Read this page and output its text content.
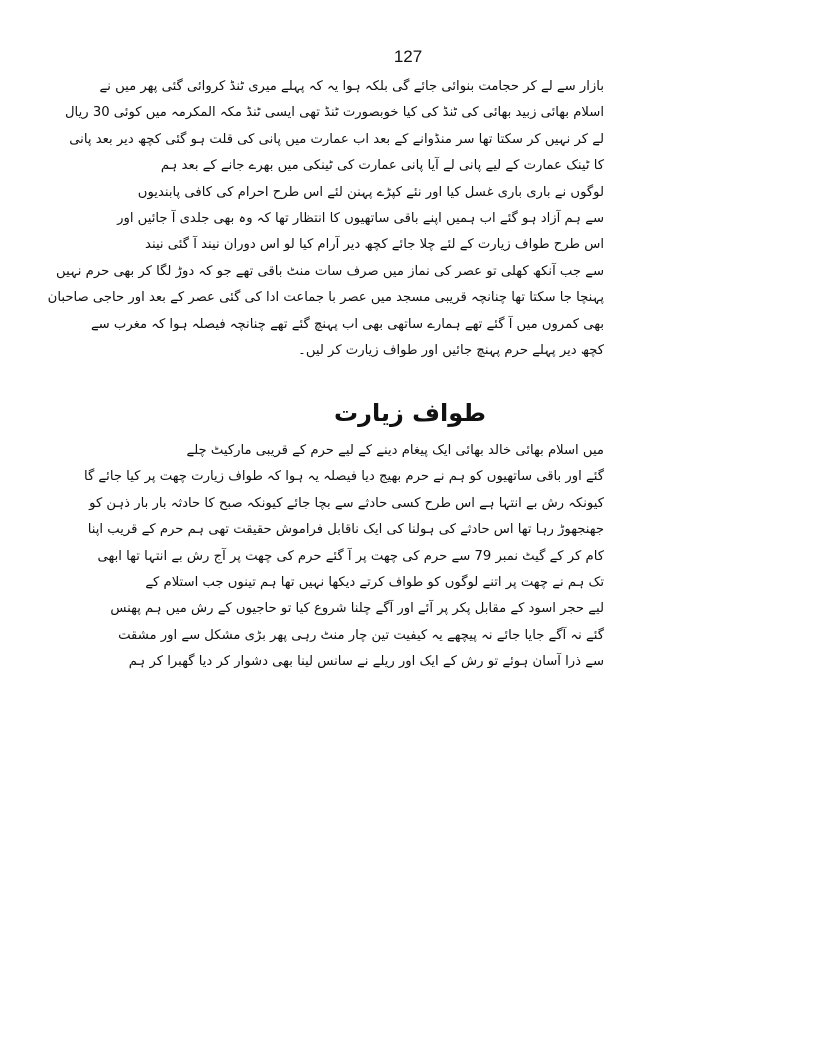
127
بازار سے لے کر حجامت بنوائی جائے گی بلکہ ہوا یہ کہ پہلے میری ٹنڈ کروائی گئی پھر میں نے
اسلام بھائی زبید بھائی کی ٹنڈ کی کیا خوبصورت ٹنڈ تھی ایسی ٹنڈ مکہ المکرمہ میں کوئی 30 ریال
لے کر نہیں کر سکتا تھا سر منڈوانے کے بعد اب عمارت میں پانی کی قلت ہو گئی کچھ دیر بعد پانی
کا ٹینک عمارت کے لیے پانی لے آیا پانی عمارت کی ٹینکی میں بھرے جانے کے بعد ہم
لوگوں نے باری باری غسل کیا اور نئے کپڑے پہنن لئے اس طرح احرام کی کافی پابندیوں
سے ہم آزاد ہو گئے اب ہمیں اپنے باقی ساتھیوں کا انتظار تھا کہ وہ بھی جلدی آ جائیں اور
اس طرح طواف زیارت کے لئے چلا جائے کچھ دیر آرام کیا لو اس دوران نیند آ گئی نیند
سے جب آنکھ کھلی تو عصر کی نماز میں صرف سات منٹ باقی تھے جو کہ دوڑ لگا کر بھی حرم نہیں
پہنچا جا سکتا تھا چنانچہ قریبی مسجد میں عصر با جماعت ادا کی گئی عصر کے بعد اور حاجی صاحبان
بھی کمروں میں آ گئے تھے ہمارے ساتھی بھی اب پہنچ گئے تھے چنانچہ فیصلہ ہوا کہ مغرب سے
کچھ دیر پہلے حرم پہنچ جائیں اور طواف زیارت کر لیں۔
طواف زیارت
میں اسلام بھائی خالد بھائی ایک پیغام دینے کے لیے حرم کے قریبی مارکیٹ چلے
گئے اور باقی ساتھیوں کو ہم نے حرم بھیج دیا فیصلہ یہ ہوا کہ طواف زیارت چھت پر کیا جائے گا
کیونکہ رش بے انتہا ہے اس طرح کسی حادثے سے بچا جائے کیونکہ صبح کا حادثہ بار بار ذہن کو
جھنجھوڑ رہا تھا اس حادثے کی ہولنا کی ایک ناقابل فراموش حقیقت تھی ہم حرم کے قریب اپنا
کام کر کے گیٹ نمبر 79 سے حرم کی چھت پر آ گئے حرم کی چھت پر آج رش بے انتہا تھا ابھی
تک ہم نے چھت پر اتنے لوگوں کو طواف کرتے دیکھا نہیں تھا ہم تینوں جب استلام کے
لیے حجر اسود کے مقابل پکر پر آئے اور آگے چلنا شروع کیا تو حاجیوں کے رش میں ہم پھنس
گئے نہ آگے جایا جائے نہ پیچھے یہ کیفیت تین چار منٹ رہی پھر بڑی مشکل سے اور مشقت
سے ذرا آسان ہوئے تو رش کے ایک اور ریلے نے سانس لینا بھی دشوار کر دیا گھبرا کر ہم
